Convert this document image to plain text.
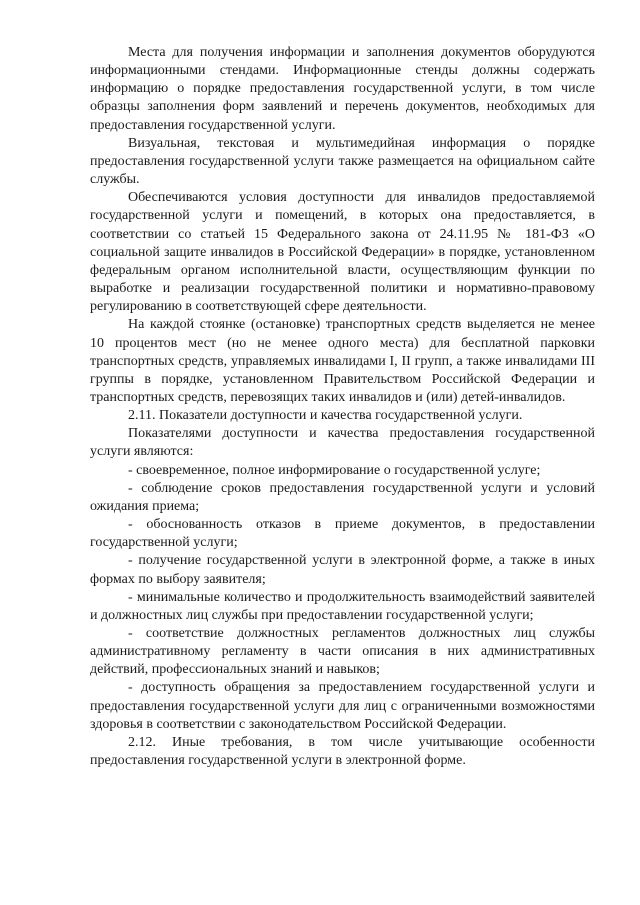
Места для получения информации и заполнения документов оборудуются информационными стендами. Информационные стенды должны содержать информацию о порядке предоставления государственной услуги, в том числе образцы заполнения форм заявлений и перечень документов, необходимых для предоставления государственной услуги.

Визуальная, текстовая и мультимедийная информация о порядке предоставления государственной услуги также размещается на официальном сайте службы.

Обеспечиваются условия доступности для инвалидов предоставляемой государственной услуги и помещений, в которых она предоставляется, в соответствии со статьей 15 Федерального закона от 24.11.95 № 181-ФЗ «О социальной защите инвалидов в Российской Федерации» в порядке, установленном федеральным органом исполнительной власти, осуществляющим функции по выработке и реализации государственной политики и нормативно-правовому регулированию в соответствующей сфере деятельности.

На каждой стоянке (остановке) транспортных средств выделяется не менее 10 процентов мест (но не менее одного места) для бесплатной парковки транспортных средств, управляемых инвалидами I, II групп, а также инвалидами III группы в порядке, установленном Правительством Российской Федерации и транспортных средств, перевозящих таких инвалидов и (или) детей-инвалидов.

2.11. Показатели доступности и качества государственной услуги.

Показателями доступности и качества предоставления государственной услуги являются:

- своевременное, полное информирование о государственной услуге;

- соблюдение сроков предоставления государственной услуги и условий ожидания приема;

- обоснованность отказов в приеме документов, в предоставлении государственной услуги;

- получение государственной услуги в электронной форме, а также в иных формах по выбору заявителя;

- минимальные количество и продолжительность взаимодействий заявителей и должностных лиц службы при предоставлении государственной услуги;

- соответствие должностных регламентов должностных лиц службы административному регламенту в части описания в них административных действий, профессиональных знаний и навыков;

- доступность обращения за предоставлением государственной услуги и предоставления государственной услуги для лиц с ограниченными возможностями здоровья в соответствии с законодательством Российской Федерации.

2.12. Иные требования, в том числе учитывающие особенности предоставления государственной услуги в электронной форме.
